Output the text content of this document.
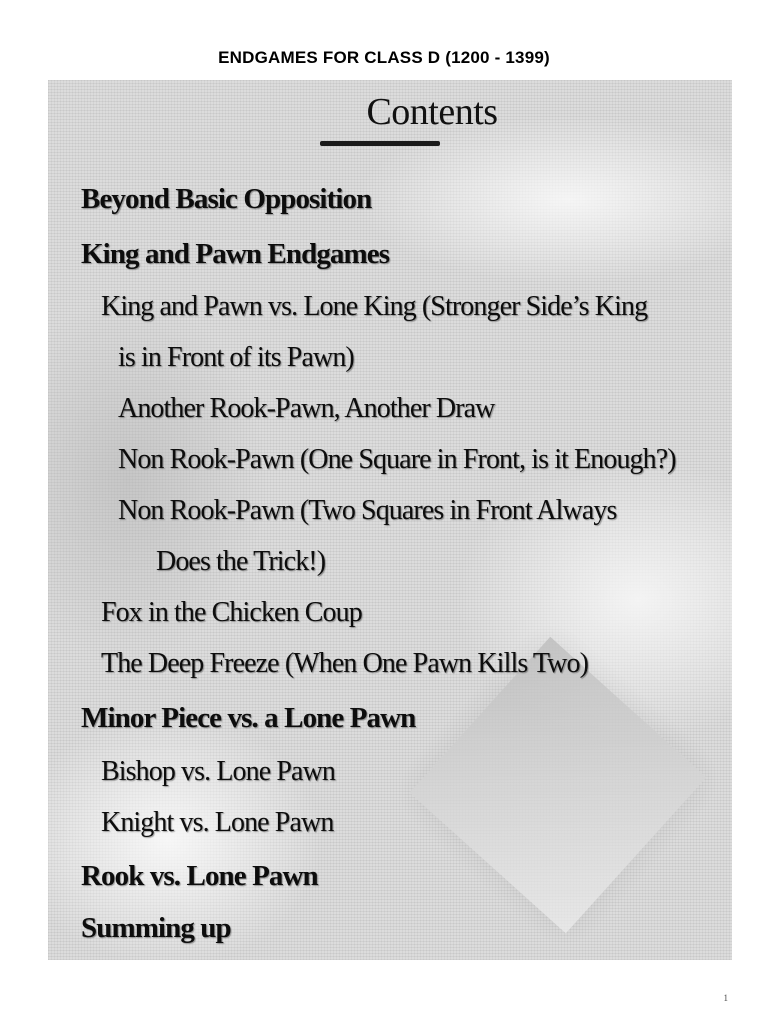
ENDGAMES FOR CLASS D (1200 - 1399)
Contents
Beyond Basic Opposition
King and Pawn Endgames
King and Pawn vs. Lone King (Stronger Side’s King
is in Front of its Pawn)
Another Rook-Pawn, Another Draw
Non Rook-Pawn (One Square in Front, is it Enough?)
Non Rook-Pawn (Two Squares in Front Always
Does the Trick!)
Fox in the Chicken Coup
The Deep Freeze (When One Pawn Kills Two)
Minor Piece vs. a Lone Pawn
Bishop vs. Lone Pawn
Knight vs. Lone Pawn
Rook vs. Lone Pawn
Summing up
1
